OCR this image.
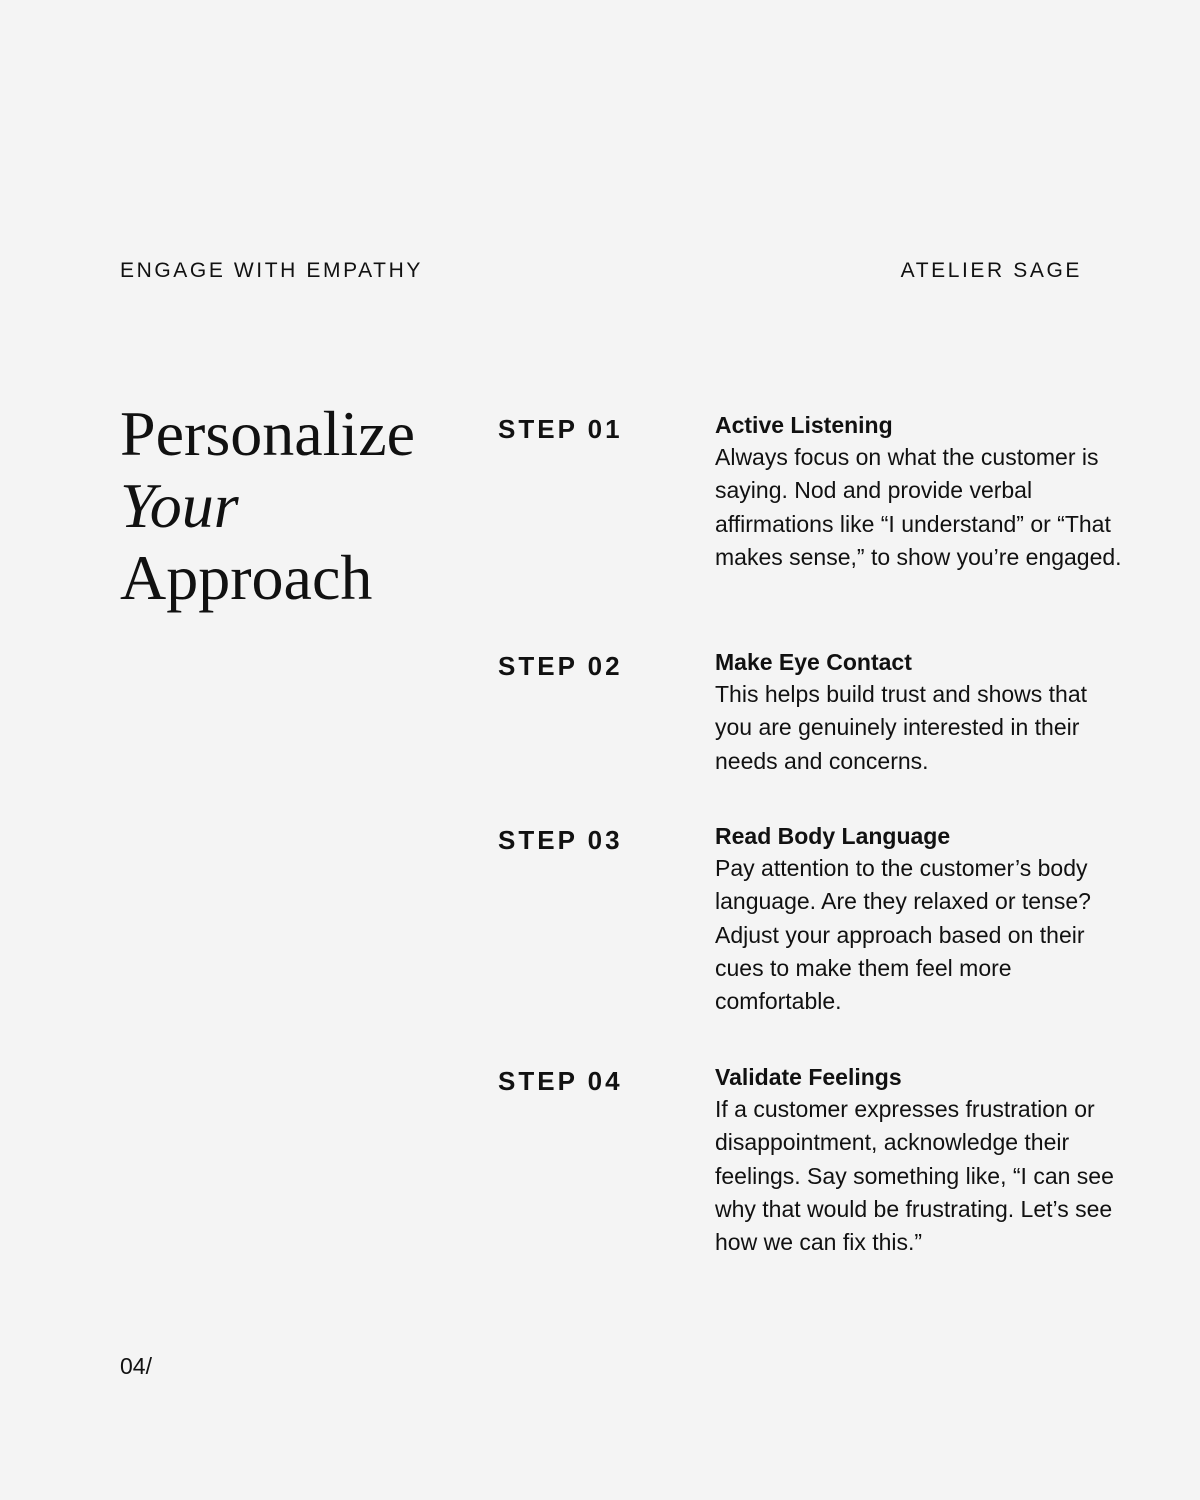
ENGAGE WITH EMPATHY	ATELIER SAGE
Personalize
Your
Approach
STEP 01	Active Listening
Always focus on what the customer is saying. Nod and provide verbal affirmations like “I understand” or “That makes sense,” to show you’re engaged.
STEP 02	Make Eye Contact
This helps build trust and shows that you are genuinely interested in their needs and concerns.
STEP 03	Read Body Language
Pay attention to the customer’s body language. Are they relaxed or tense? Adjust your approach based on their cues to make them feel more comfortable.
STEP 04	Validate Feelings
If a customer expresses frustration or disappointment, acknowledge their feelings. Say something like, “I can see why that would be frustrating. Let’s see how we can fix this.”
04/
